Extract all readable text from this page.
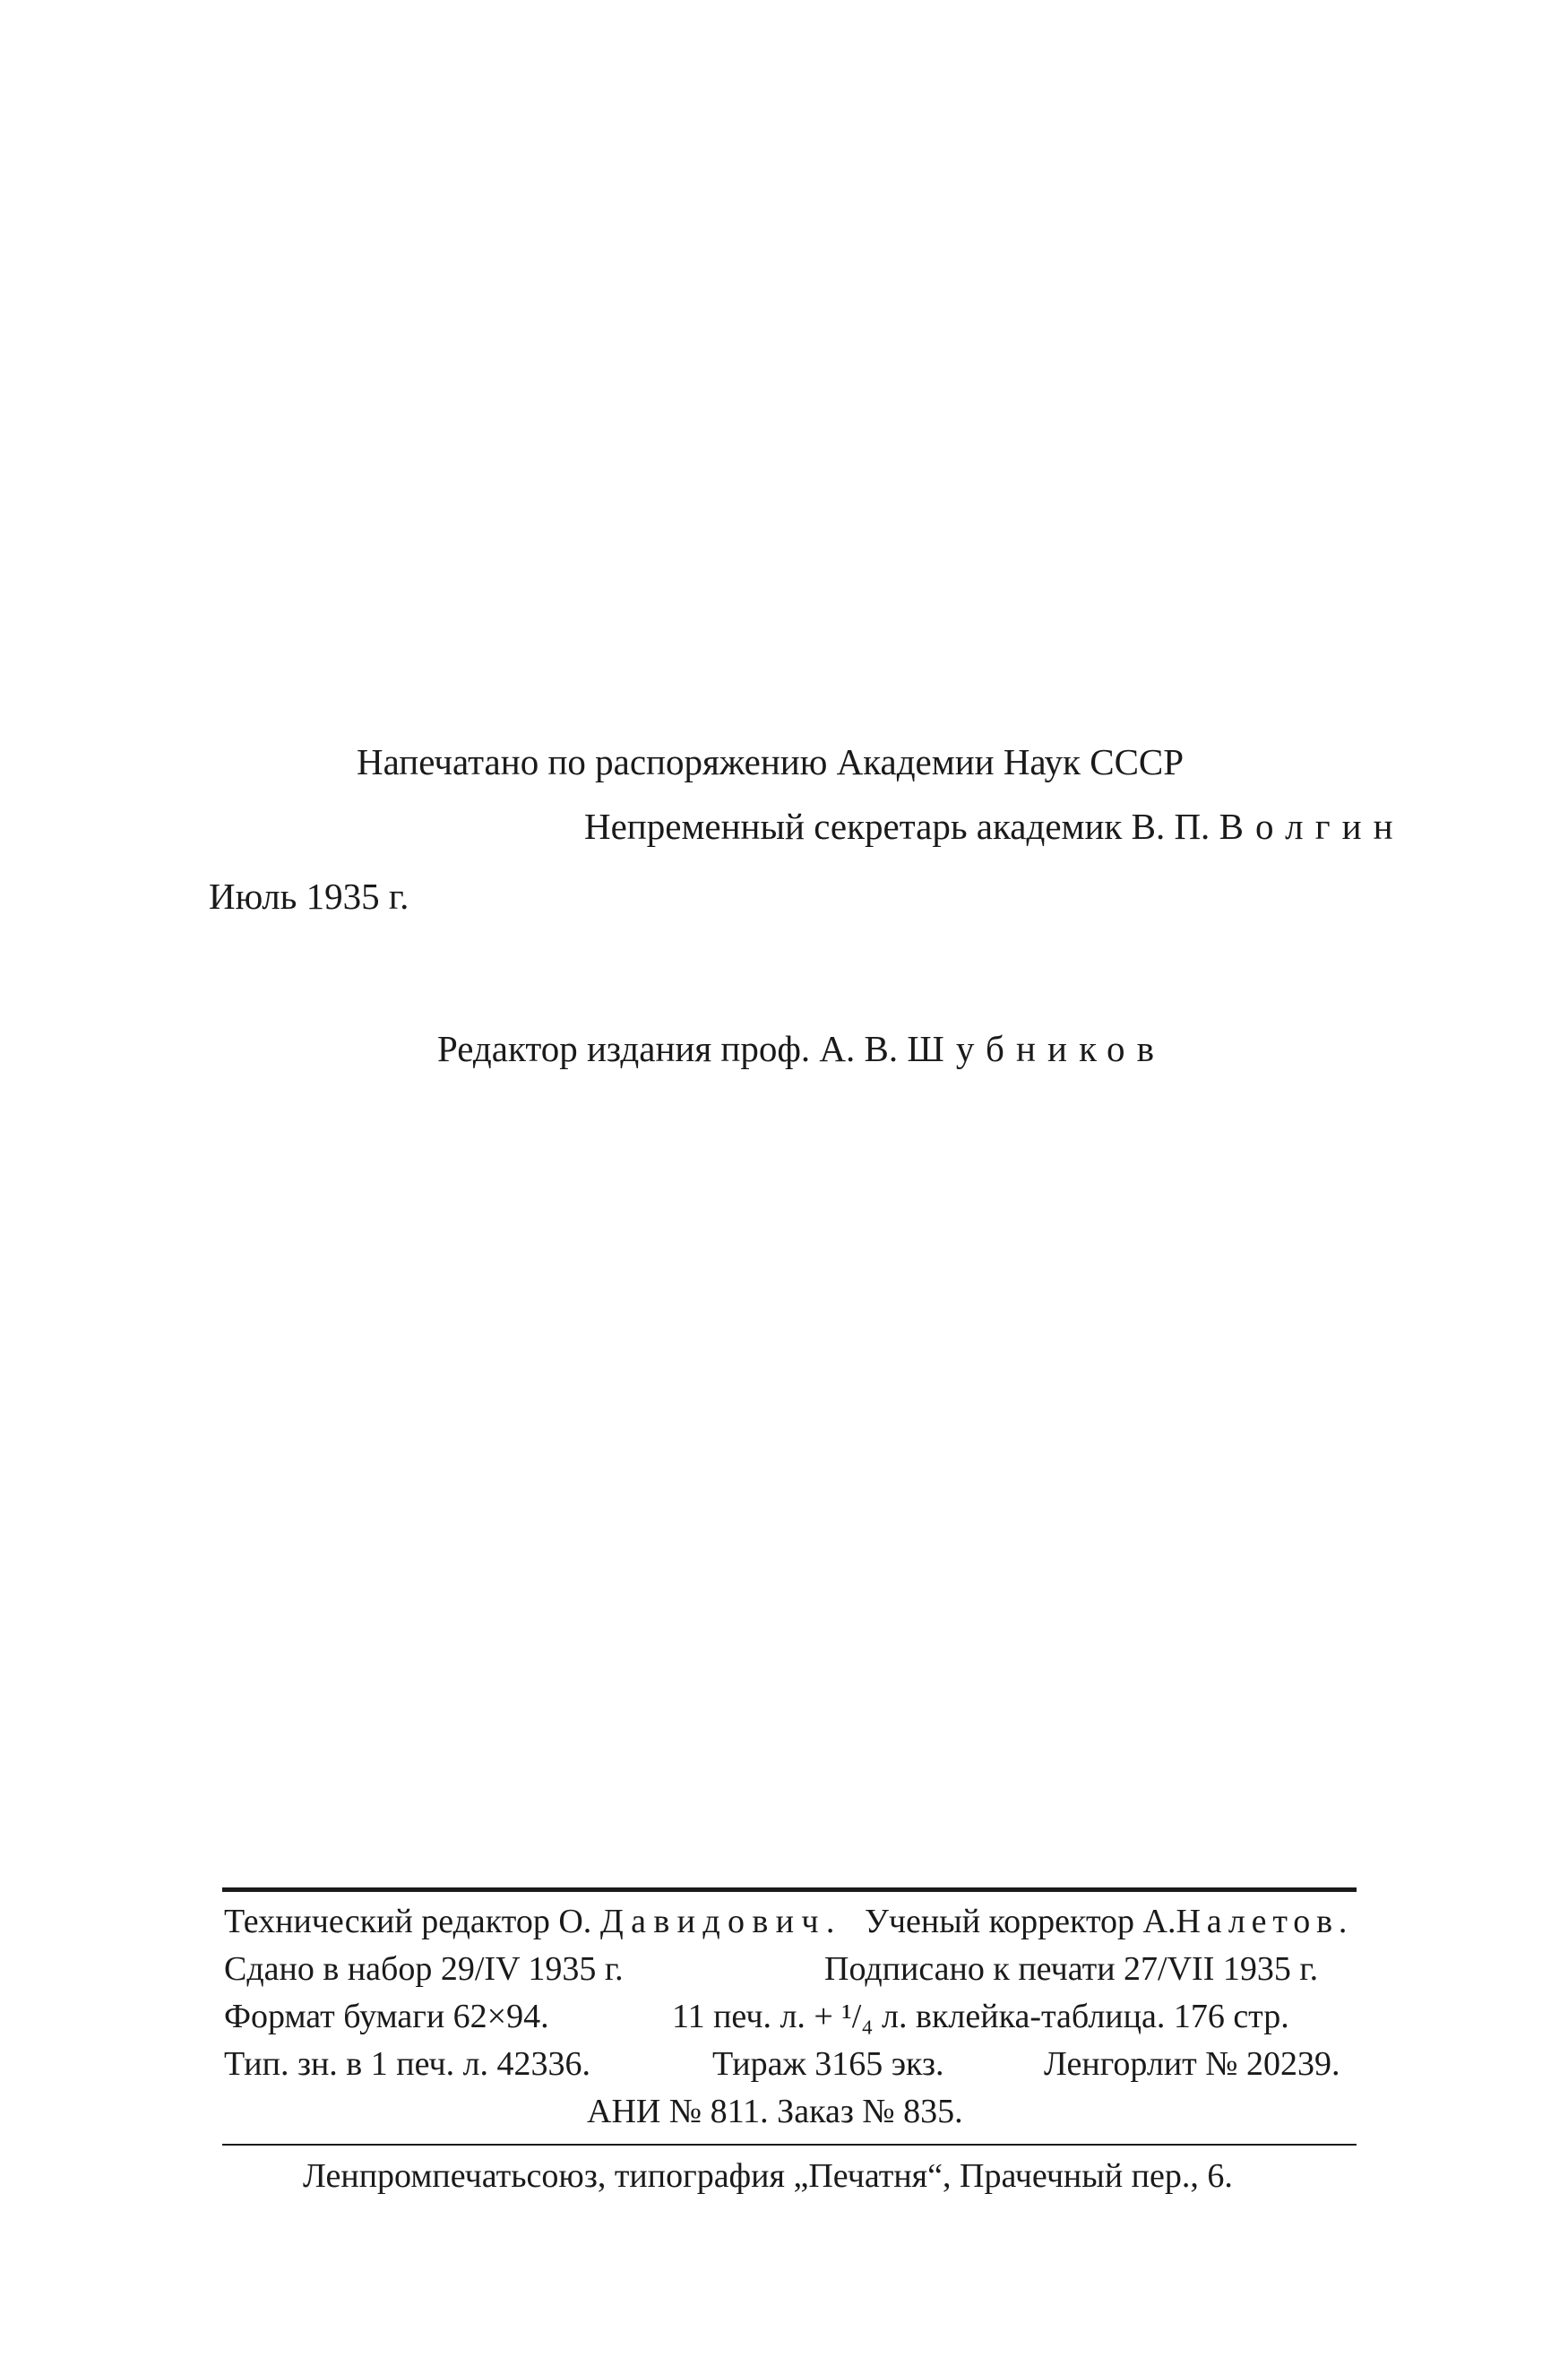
Напечатано по распоряжению Академии Наук СССР
Непременный секретарь академик В. П. Волгин
Июль 1935 г.
Редактор издания проф. А. В. Шубников
Технический редактор О. Давидович. Ученый корректор А.Налетов.
Сдано в набор 29/IV 1935 г.	Подписано к печати 27/VII 1935 г.
Формат бумаги 62×94.	11 печ. л. + ¹/₄ л. вклейка-таблица. 176 стр.
Тип. зн. в 1 печ. л. 42336.	Тираж 3165 экз.	Ленгорлит № 20239.
АНИ № 811. Заказ № 835.
Ленпромпечатьсоюз, типография „Печатня“, Прачечный пер., 6.
